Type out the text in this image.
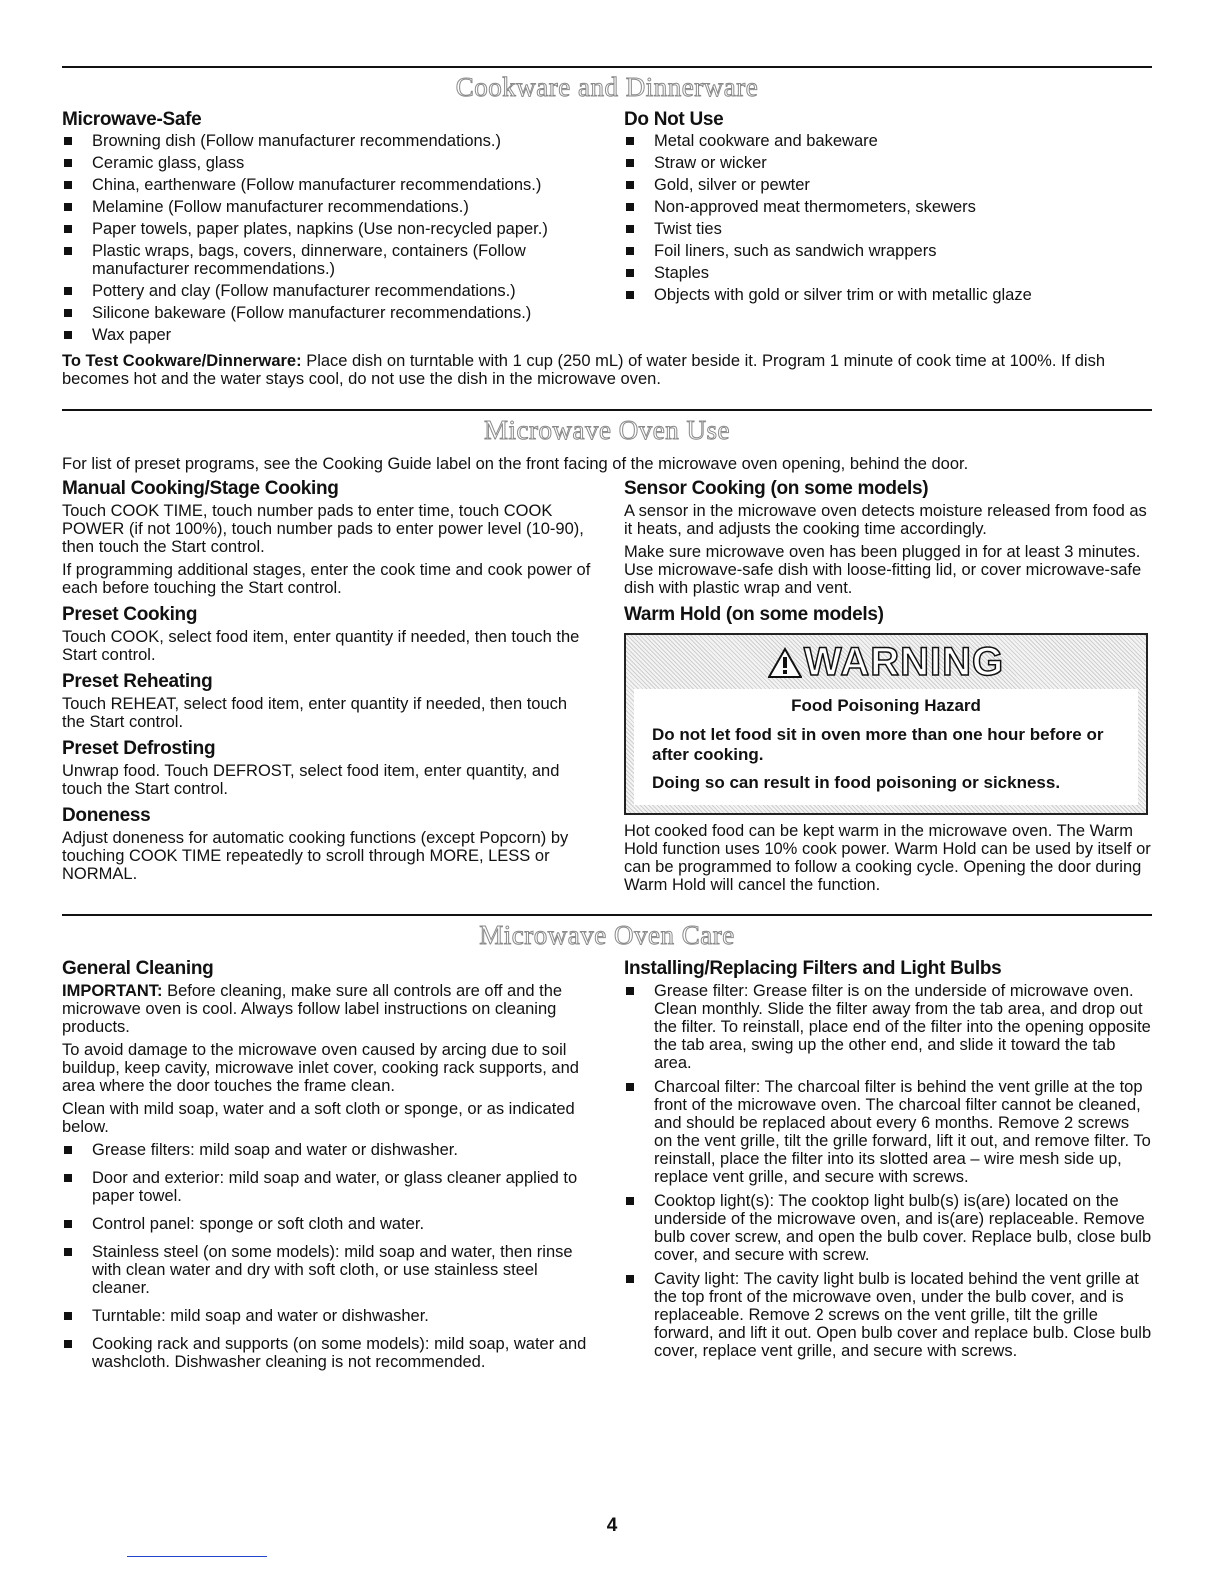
Cookware and Dinnerware
Microwave-Safe
Browning dish (Follow manufacturer recommendations.)
Ceramic glass, glass
China, earthenware (Follow manufacturer recommendations.)
Melamine (Follow manufacturer recommendations.)
Paper towels, paper plates, napkins (Use non-recycled paper.)
Plastic wraps, bags, covers, dinnerware, containers (Follow manufacturer recommendations.)
Pottery and clay (Follow manufacturer recommendations.)
Silicone bakeware (Follow manufacturer recommendations.)
Wax paper
Do Not Use
Metal cookware and bakeware
Straw or wicker
Gold, silver or pewter
Non-approved meat thermometers, skewers
Twist ties
Foil liners, such as sandwich wrappers
Staples
Objects with gold or silver trim or with metallic glaze
To Test Cookware/Dinnerware: Place dish on turntable with 1 cup (250 mL) of water beside it. Program 1 minute of cook time at 100%. If dish becomes hot and the water stays cool, do not use the dish in the microwave oven.
Microwave Oven Use

For list of preset programs, see the Cooking Guide label on the front facing of the microwave oven opening, behind the door.

Manual Cooking/Stage Cooking

Touch COOK TIME, touch number pads to enter time, touch COOK POWER (if not 100%), touch number pads to enter power level (10-90), then touch the Start control.

If programming additional stages, enter the cook time and cook power of each before touching the Start control.

Preset Cooking

Touch COOK, select food item, enter quantity if needed, then touch the Start control.

Preset Reheating

Touch REHEAT, select food item, enter quantity if needed, then touch the Start control.

Preset Defrosting

Unwrap food. Touch DEFROST, select food item, enter quantity, and touch the Start control.

Doneness

Adjust doneness for automatic cooking functions (except Popcorn) by touching COOK TIME repeatedly to scroll through MORE, LESS or NORMAL.

Sensor Cooking (on some models)

A sensor in the microwave oven detects moisture released from food as it heats, and adjusts the cooking time accordingly.

Make sure microwave oven has been plugged in for at least 3 minutes. Use microwave-safe dish with loose-fitting lid, or cover microwave-safe dish with plastic wrap and vent.

Warm Hold (on some models)
WARNING
Food Poisoning Hazard
Do not let food sit in oven more than one hour before or after cooking.
Doing so can result in food poisoning or sickness.

Hot cooked food can be kept warm in the microwave oven. The Warm Hold function uses 10% cook power. Warm Hold can be used by itself or can be programmed to follow a cooking cycle. Opening the door during Warm Hold will cancel the function.

Microwave Oven Care
General Cleaning

IMPORTANT: Before cleaning, make sure all controls are off and the microwave oven is cool. Always follow label instructions on cleaning products.

To avoid damage to the microwave oven caused by arcing due to soil buildup, keep cavity, microwave inlet cover, cooking rack supports, and area where the door touches the frame clean.

Clean with mild soap, water and a soft cloth or sponge, or as indicated below.

Grease filters: mild soap and water or dishwasher.
Door and exterior: mild soap and water, or glass cleaner applied to paper towel.
Control panel: sponge or soft cloth and water.
Stainless steel (on some models): mild soap and water, then rinse with clean water and dry with soft cloth, or use stainless steel cleaner.
Turntable: mild soap and water or dishwasher.
Cooking rack and supports (on some models): mild soap, water and washcloth. Dishwasher cleaning is not recommended.
Installing/Replacing Filters and Light Bulbs
Grease filter: Grease filter is on the underside of microwave oven. Clean monthly. Slide the filter away from the tab area, and drop out the filter. To reinstall, place end of the filter into the opening opposite the tab area, swing up the other end, and slide it toward the tab area.
Charcoal filter: The charcoal filter is behind the vent grille at the top front of the microwave oven. The charcoal filter cannot be cleaned, and should be replaced about every 6 months. Remove 2 screws on the vent grille, tilt the grille forward, lift it out, and remove filter. To reinstall, place the filter into its slotted area – wire mesh side up, replace vent grille, and secure with screws.
Cooktop light(s): The cooktop light bulb(s) is(are) located on the underside of the microwave oven, and is(are) replaceable. Remove bulb cover screw, and open the bulb cover. Replace bulb, close bulb cover, and secure with screw.
Cavity light: The cavity light bulb is located behind the vent grille at the top front of the microwave oven, under the bulb cover, and is replaceable. Remove 2 screws on the vent grille, tilt the grille forward, and lift it out. Open bulb cover and replace bulb. Close bulb cover, replace vent grille, and secure with screws.
4
